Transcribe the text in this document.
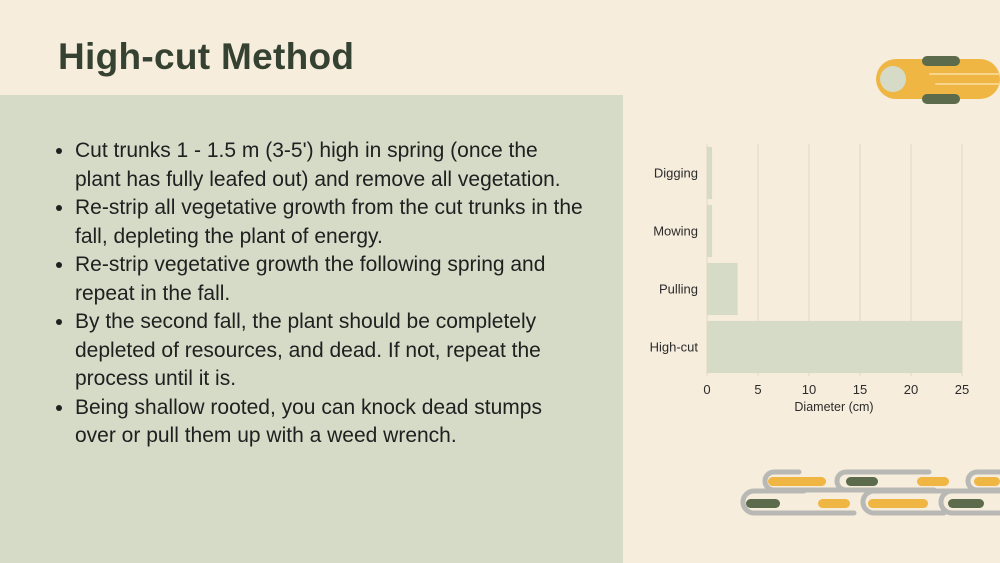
High-cut Method
• Cut trunks 1 - 1.5 m (3-5') high in spring (once the plant has fully leafed out) and remove all vegetation.
• Re-strip all vegetative growth from the cut trunks in the fall, depleting the plant of energy.
• Re-strip vegetative growth the following spring and repeat in the fall.
• By the second fall, the plant should be completely depleted of resources, and dead. If not, repeat the process until it is.
• Being shallow rooted, you can knock dead stumps over or pull them up with a weed wrench.
Digging
Mowing
Pulling
High-cut
0	5	10	15	20	25
Diameter (cm)
